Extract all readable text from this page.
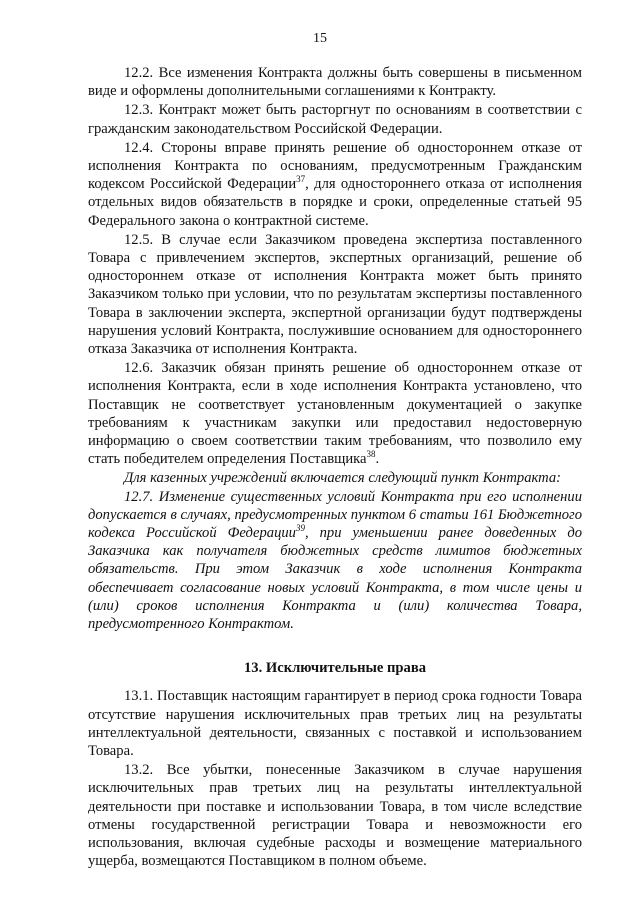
15

12.2. Все изменения Контракта должны быть совершены в письменном виде и оформлены дополнительными соглашениями к Контракту.

12.3. Контракт может быть расторгнут по основаниям в соответствии с гражданским законодательством Российской Федерации.

12.4. Стороны вправе принять решение об одностороннем отказе от исполнения Контракта по основаниям, предусмотренным Гражданским кодексом Российской Федерации$^{37}$, для одностороннего отказа от исполнения отдельных видов обязательств в порядке и сроки, определенные статьей 95 Федерального закона о контрактной системе.

12.5. В случае если Заказчиком проведена экспертиза поставленного Товара с привлечением экспертов, экспертных организаций, решение об одностороннем отказе от исполнения Контракта может быть принято Заказчиком только при условии, что по результатам экспертизы поставленного Товара в заключении эксперта, экспертной организации будут подтверждены нарушения условий Контракта, послужившие основанием для одностороннего отказа Заказчика от исполнения Контракта.

12.6. Заказчик обязан принять решение об одностороннем отказе от исполнения Контракта, если в ходе исполнения Контракта установлено, что Поставщик не соответствует установленным документацией о закупке требованиям к участникам закупки или предоставил недостоверную информацию о своем соответствии таким требованиям, что позволило ему стать победителем определения Поставщика$^{38}$.

Для казенных учреждений включается следующий пункт Контракта:

12.7. Изменение существенных условий Контракта при его исполнении допускается в случаях, предусмотренных пунктом 6 статьи 161 Бюджетного кодекса Российской Федерации$^{39}$, при уменьшении ранее доведенных до Заказчика как получателя бюджетных средств лимитов бюджетных обязательств. При этом Заказчик в ходе исполнения Контракта обеспечивает согласование новых условий Контракта, в том числе цены и (или) сроков исполнения Контракта и (или) количества Товара, предусмотренного Контрактом.

13. Исключительные права

13.1. Поставщик настоящим гарантирует в период срока годности Товара отсутствие нарушения исключительных прав третьих лиц на результаты интеллектуальной деятельности, связанных с поставкой и использованием Товара.

13.2. Все убытки, понесенные Заказчиком в случае нарушения исключительных прав третьих лиц на результаты интеллектуальной деятельности при поставке и использовании Товара, в том числе вследствие отмены государственной регистрации Товара и невозможности его использования, включая судебные расходы и возмещение материального ущерба, возмещаются Поставщиком в полном объеме.
